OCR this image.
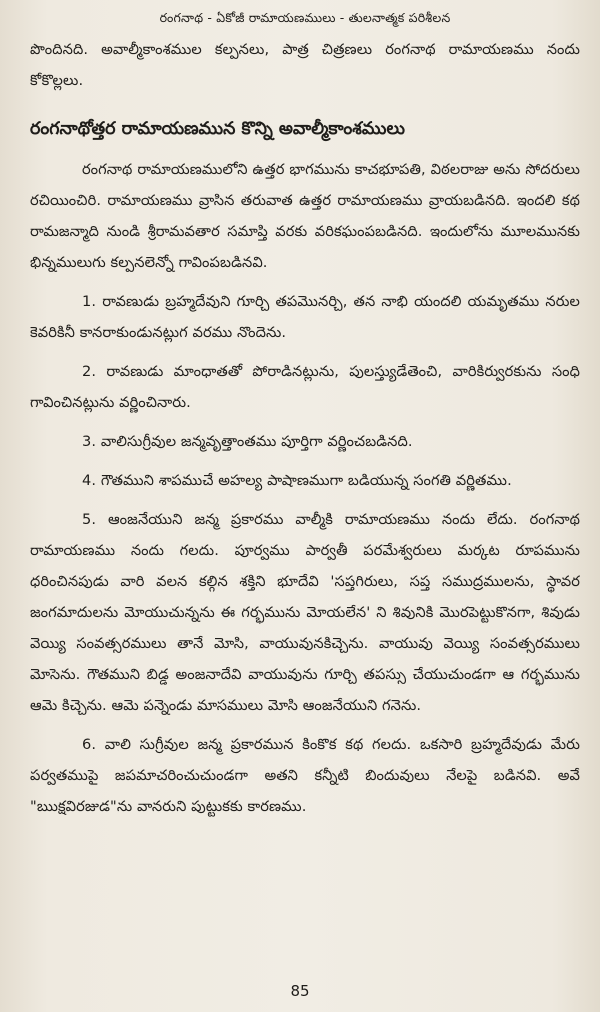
రంగనాథ - ఏకోజీ రామాయణములు - తులనాత్మక పరిశీలన

పొందినది. అవాల్మీకాంశముల కల్పనలు, పాత్ర చిత్రణలు రంగనాథ రామాయణము నందు కోకొల్లలు.

రంగనాథోత్తర రామాయణమున కొన్ని అవాల్మీకాంశములు

రంగనాథ రామాయణములోని ఉత్తర భాగమును కాచభూపతి, విఠలరాజు అను సోదరులు రచియించిరి. రామాయణము వ్రాసిన తరువాత ఉత్తర రామాయణము వ్రాయబడినది. ఇందలి కథ రామజన్మాది నుండి శ్రీరామవతార సమాప్తి వరకు వరికఘంపబడినది. ఇందులోను మూలమునకు భిన్నములుగు కల్పనలెన్నో గావింపబడినవి.

1. రావణుడు బ్రహ్మదేవుని గూర్చి తపమొనర్చి, తన నాభి యందలి యమృతము నరుల కెవరికినీ కానరాకుండునట్లుగ వరము నొందెను.

2. రావణుడు మాంధాతతో పోరాడినట్లును, పులస్త్యుడేతెంచి, వారికిర్వురకును సంధి గావించినట్లును వర్ణించినారు.

3. వాలిసుగ్రీవుల జన్మవృత్తాంతము పూర్తిగా వర్ణించబడినది.

4. గౌతముని శాపముచే అహల్య పాషాణముగా బడియున్న సంగతి వర్ణితము.

5. ఆంజనేయుని జన్మ ప్రకారము వాల్మీకి రామాయణము నందు లేదు. రంగనాథ రామాయణము నందు గలదు. పూర్వము పార్వతీ పరమేశ్వరులు మర్కట రూపమును ధరించినపుడు వారి వలన కల్గిన శక్తిని భూదేవి 'సప్తగిరులు, సప్త సముద్రములను, స్థావర జంగమాదులను మోయుచున్నను ఈ గర్భమును మోయలేన' ని శివునికి మొరపెట్టుకొనగా, శివుడు వెయ్యి సంవత్సరములు తానే మోసి, వాయువునకిచ్చెను. వాయువు వెయ్యి సంవత్సరములు మోసెను. గౌతముని బిడ్డ అంజనాదేవి వాయువును గూర్చి తపస్సు చేయుచుండగా ఆ గర్భమును ఆమె కిచ్చెను. ఆమె పన్నెండు మాసములు మోసి ఆంజనేయుని గనెను.

6. వాలి సుగ్రీవుల జన్మ ప్రకారమున కింకొక కథ గలదు. ఒకసారి బ్రహ్మదేవుడు మేరు పర్వతముపై జపమాచరించుచుండగా అతని కన్నీటి బిందువులు నేలపై బడినవి. అవే "ఋక్షవిరజుడ"ను వానరుని పుట్టుకకు కారణము.

85
